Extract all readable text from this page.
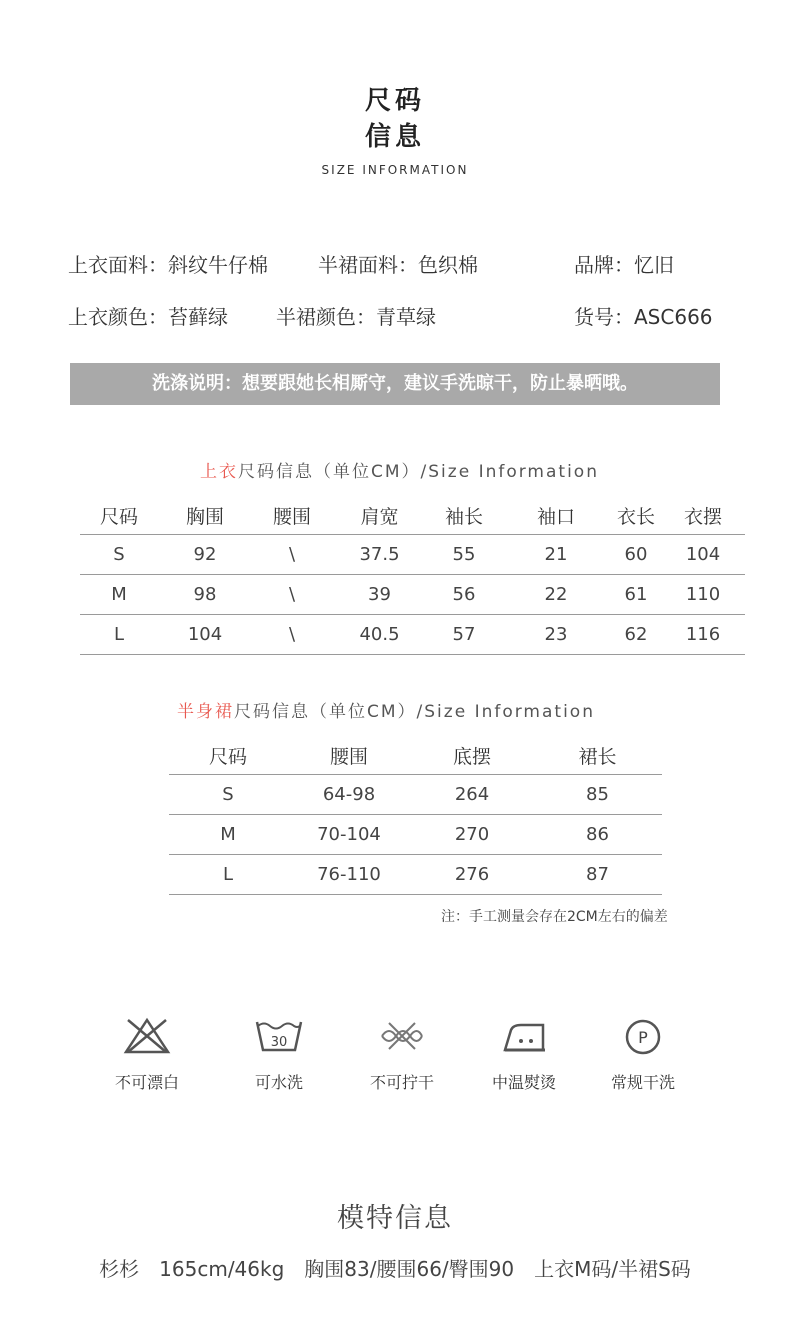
尺码
信息
SIZE INFORMATION
上衣面料：斜纹牛仔棉	半裙面料：色织棉	品牌：忆旧
上衣颜色：苔藓绿 半裙颜色：青草绿	货号：ASC666
洗涤说明：想要跟她长相厮守，建议手洗晾干，防止暴晒哦。
上衣尺码信息（单位CM）/Size Information
尺码	胸围	腰围	肩宽	袖长	袖口	衣长	衣摆
S	92	\	37.5	55	21	60	104
M	98	\	39	56	22	61	110
L	104	\	40.5	57	23	62	116
半身裙尺码信息（单位CM）/Size Information
尺码	腰围	底摆	裙长
S	64-98	264	85
M	70-104	270	86
L	76-110	276	87
注：手工测量会存在2CM左右的偏差
不可漂白
30
可水洗	不可拧干	中温熨烫
P
常规干洗
模特信息
杉杉　165cm/46kg　胸围83/腰围66/臀围90　上衣M码/半裙S码
